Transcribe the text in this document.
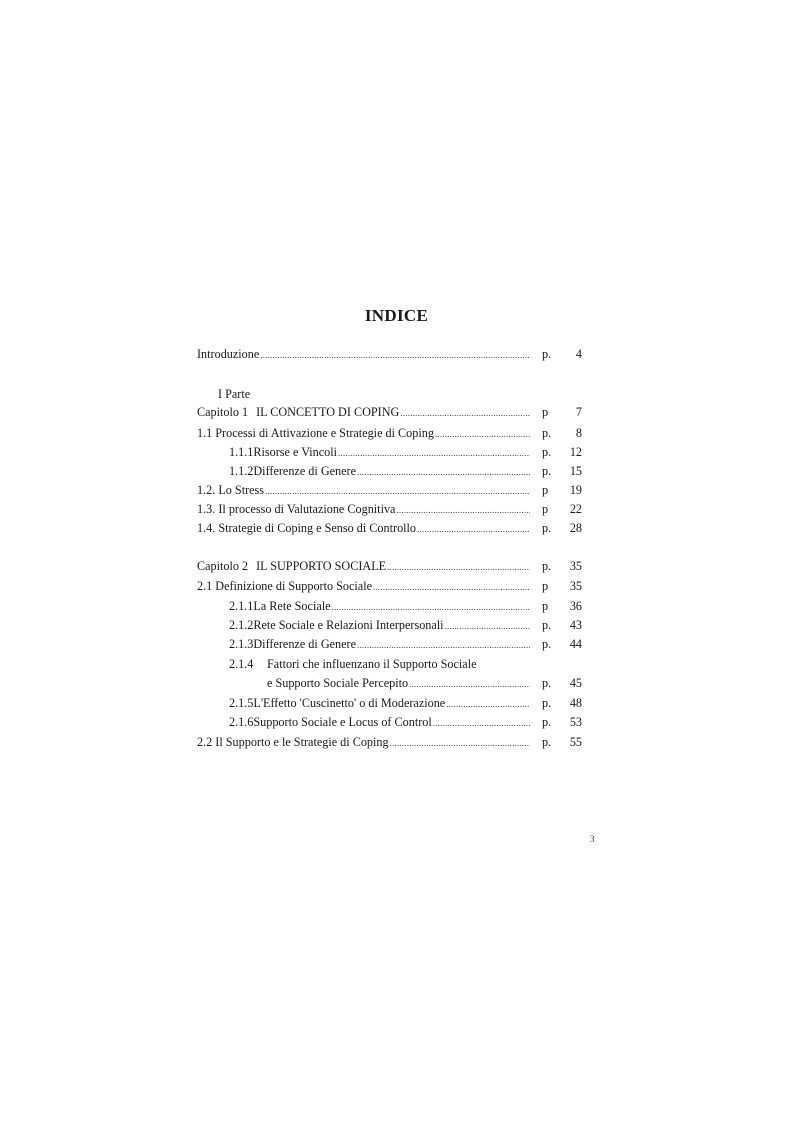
INDICE
Introduzione .....	p.	4
I Parte
Capitolo 1 IL CONCETTO DI COPING .....	p	7
1.1 Processi di Attivazione e Strategie di Coping .....	p.	8
1.1.1 Risorse e Vincoli .....	p.	12
1.1.2 Differenze di Genere .....	p.	15
1.2. Lo Stress .....	p	19
1.3. Il processo di Valutazione Cognitiva .....	p	22
1.4. Strategie di Coping e Senso di Controllo .....	p.	28
Capitolo 2 IL SUPPORTO SOCIALE .....	p.	35
2.1 Definizione di Supporto Sociale .....	p	35
2.1.1 La Rete Sociale .....	p	36
2.1.2 Rete Sociale e Relazioni Interpersonali .....	p.	43
2.1.3 Differenze di Genere .....	p.	44
2.1.4	Fattori che influenzano il Supporto Sociale
e Supporto Sociale Percepito .....	p.	45
2.1.5 L'Effetto 'Cuscinetto' o di Moderazione .....	p.	48
2.1.6 Supporto Sociale e Locus of Control .....	p.	53
2.2 Il Supporto e le Strategie di Coping .....	p.	55
3
